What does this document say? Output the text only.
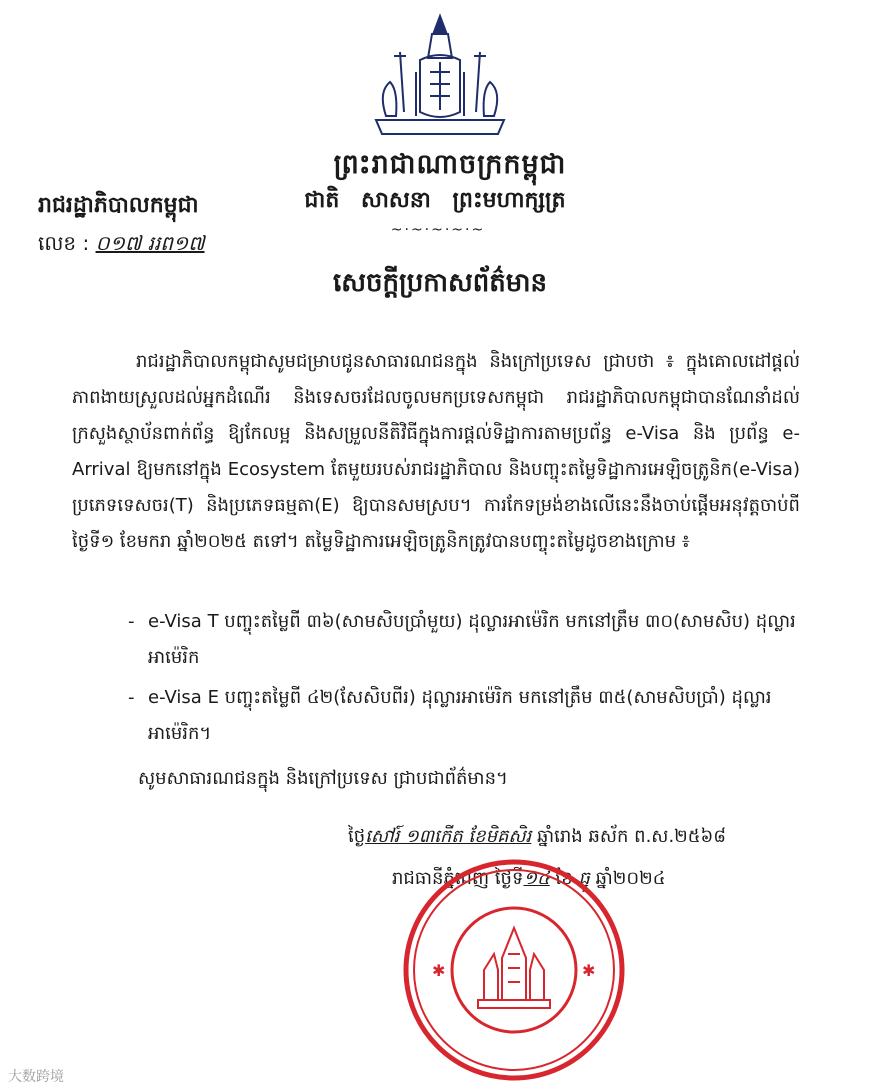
ព្រះរាជាណាចក្រកម្ពុជា
ជាតិ សាសនា ព្រះមហាក្សត្រ
~·~·~·~·~
រាជរដ្ឋាភិបាលកម្ពុជា
លេខ : ០១៧ ររព១៧
សេចក្តីប្រកាសព័ត៌មាន
រាជរដ្ឋាភិបាលកម្ពុជាសូមជម្រាបជូនសាធារណជនក្នុង និងក្រៅប្រទេស ជ្រាបថា ៖ ក្នុងគោលដៅផ្តល់ភាពងាយស្រួលដល់អ្នកដំណើរ និងទេសចរដែលចូលមកប្រទេសកម្ពុជា រាជរដ្ឋាភិបាលកម្ពុជាបានណែនាំដល់ក្រសួងស្ថាប័នពាក់ព័ន្ធ ឱ្យកែលម្អ និងសម្រួលនីតិវិធីក្នុងការផ្តល់ទិដ្ឋាការតាមប្រព័ន្ធ e-Visa និង ប្រព័ន្ធ e-Arrival ឱ្យមកនៅក្នុង Ecosystem តែមួយរបស់រាជរដ្ឋាភិបាល និងបញ្ចុះតម្លៃទិដ្ឋាការអេឡិចត្រូនិក(e-Visa) ប្រភេទទេសចរ(T) និងប្រភេទធម្មតា(E) ឱ្យបានសមស្រប។ ការកែទម្រង់ខាងលើនេះនឹងចាប់ផ្តើមអនុវត្តចាប់ពីថ្ងៃទី១ ខែមករា ឆ្នាំ២០២៥ តទៅ។ តម្លៃទិដ្ឋាការអេឡិចត្រូនិកត្រូវបានបញ្ចុះតម្លៃដូចខាងក្រោម ៖
- e-Visa T បញ្ចុះតម្លៃពី ៣៦(សាមសិបប្រាំមួយ) ដុល្លារអាម៉េរិក មកនៅត្រឹម ៣០(សាមសិប) ដុល្លារអាម៉េរិក
- e-Visa E បញ្ចុះតម្លៃពី ៤២(សែសិបពីរ) ដុល្លារអាម៉េរិក មកនៅត្រឹម ៣៥(សាមសិបប្រាំ) ដុល្លារអាម៉េរិក។
សូមសាធារណជនក្នុង និងក្រៅប្រទេស ជ្រាបជាព័ត៌មាន។
ថ្ងៃសៅរ៍ ១៣កើត ខែមិគសិរ ឆ្នាំរោង ឆស័ក ព.ស.២៥៦៨
រាជធានីភ្នំពេញ ថ្ងៃទី១៤ ខែ ធ្នូ ឆ្នាំ២០២៤
✱	✱
大数跨境
